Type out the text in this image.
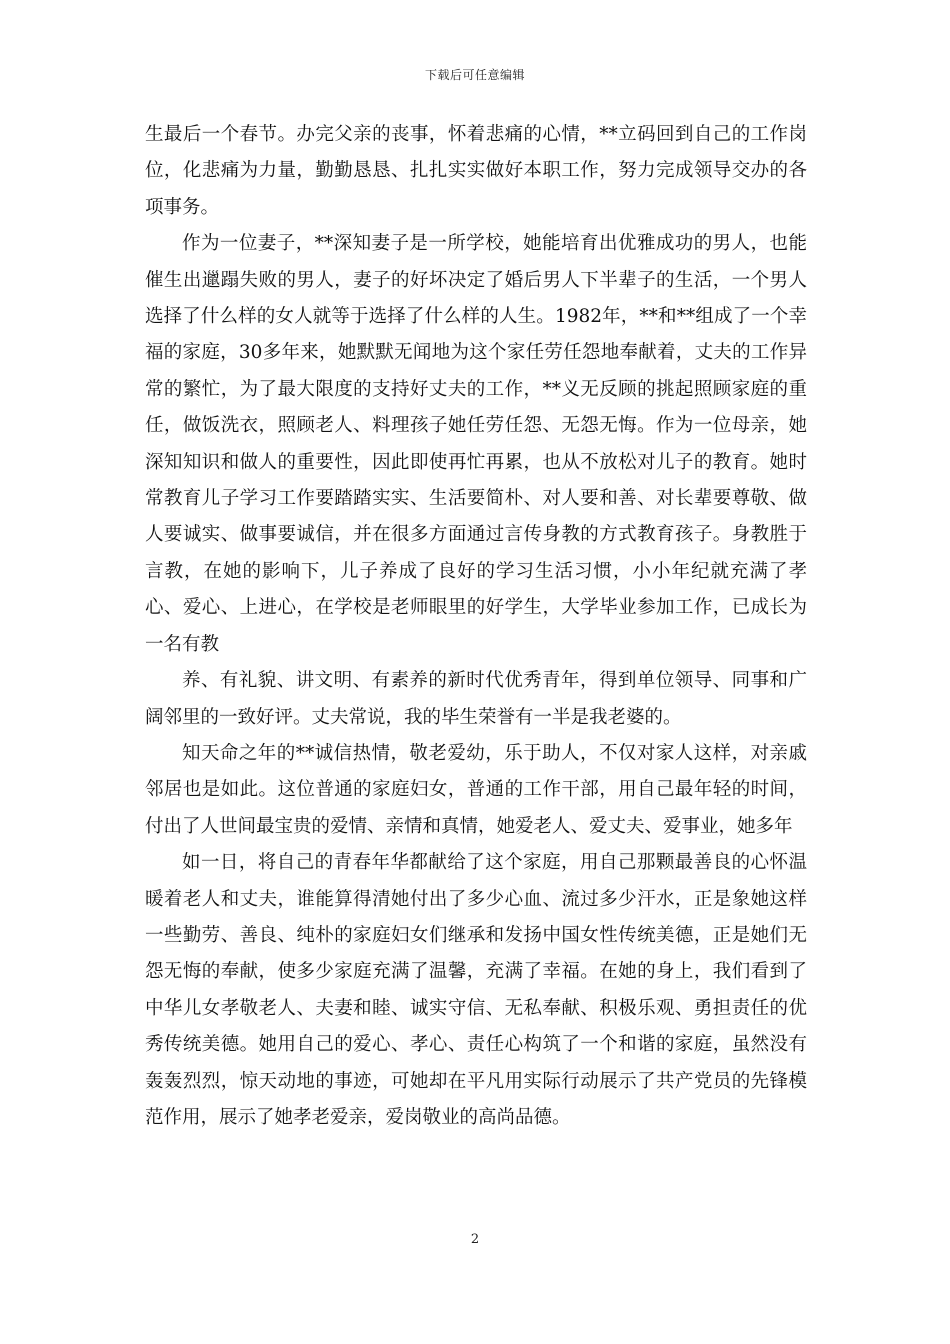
下载后可任意编辑

生最后一个春节。办完父亲的丧事，怀着悲痛的心情，**立码回到自己的工作岗位，化悲痛为力量，勤勤恳恳、扎扎实实做好本职工作，努力完成领导交办的各项事务。

作为一位妻子，**深知妻子是一所学校，她能培育出优雅成功的男人，也能催生出邋蹋失败的男人，妻子的好坏决定了婚后男人下半辈子的生活，一个男人选择了什么样的女人就等于选择了什么样的人生。1982年，**和**组成了一个幸福的家庭，30多年来，她默默无闻地为这个家任劳任怨地奉献着，丈夫的工作异常的繁忙，为了最大限度的支持好丈夫的工作，**义无反顾的挑起照顾家庭的重任，做饭洗衣，照顾老人、料理孩子她任劳任怨、无怨无悔。作为一位母亲，她深知知识和做人的重要性，因此即使再忙再累，也从不放松对儿子的教育。她时常教育儿子学习工作要踏踏实实、生活要简朴、对人要和善、对长辈要尊敬、做人要诚实、做事要诚信，并在很多方面通过言传身教的方式教育孩子。身教胜于言教，在她的影响下，儿子养成了良好的学习生活习惯，小小年纪就充满了孝心、爱心、上进心，在学校是老师眼里的好学生，大学毕业参加工作，已成长为一名有教

养、有礼貌、讲文明、有素养的新时代优秀青年，得到单位领导、同事和广阔邻里的一致好评。丈夫常说，我的毕生荣誉有一半是我老婆的。

知天命之年的**诚信热情，敬老爱幼，乐于助人，不仅对家人这样，对亲戚邻居也是如此。这位普通的家庭妇女，普通的工作干部，用自己最年轻的时间，付出了人世间最宝贵的爱情、亲情和真情，她爱老人、爱丈夫、爱事业，她多年

如一日，将自己的青春年华都献给了这个家庭，用自己那颗最善良的心怀温暖着老人和丈夫，谁能算得清她付出了多少心血、流过多少汗水，正是象她这样一些勤劳、善良、纯朴的家庭妇女们继承和发扬中国女性传统美德，正是她们无怨无悔的奉献，使多少家庭充满了温馨，充满了幸福。在她的身上，我们看到了中华儿女孝敬老人、夫妻和睦、诚实守信、无私奉献、积极乐观、勇担责任的优秀传统美德。她用自己的爱心、孝心、责任心构筑了一个和谐的家庭，虽然没有轰轰烈烈，惊天动地的事迹，可她却在平凡用实际行动展示了共产党员的先锋模范作用，展示了她孝老爱亲，爱岗敬业的高尚品德。

2
